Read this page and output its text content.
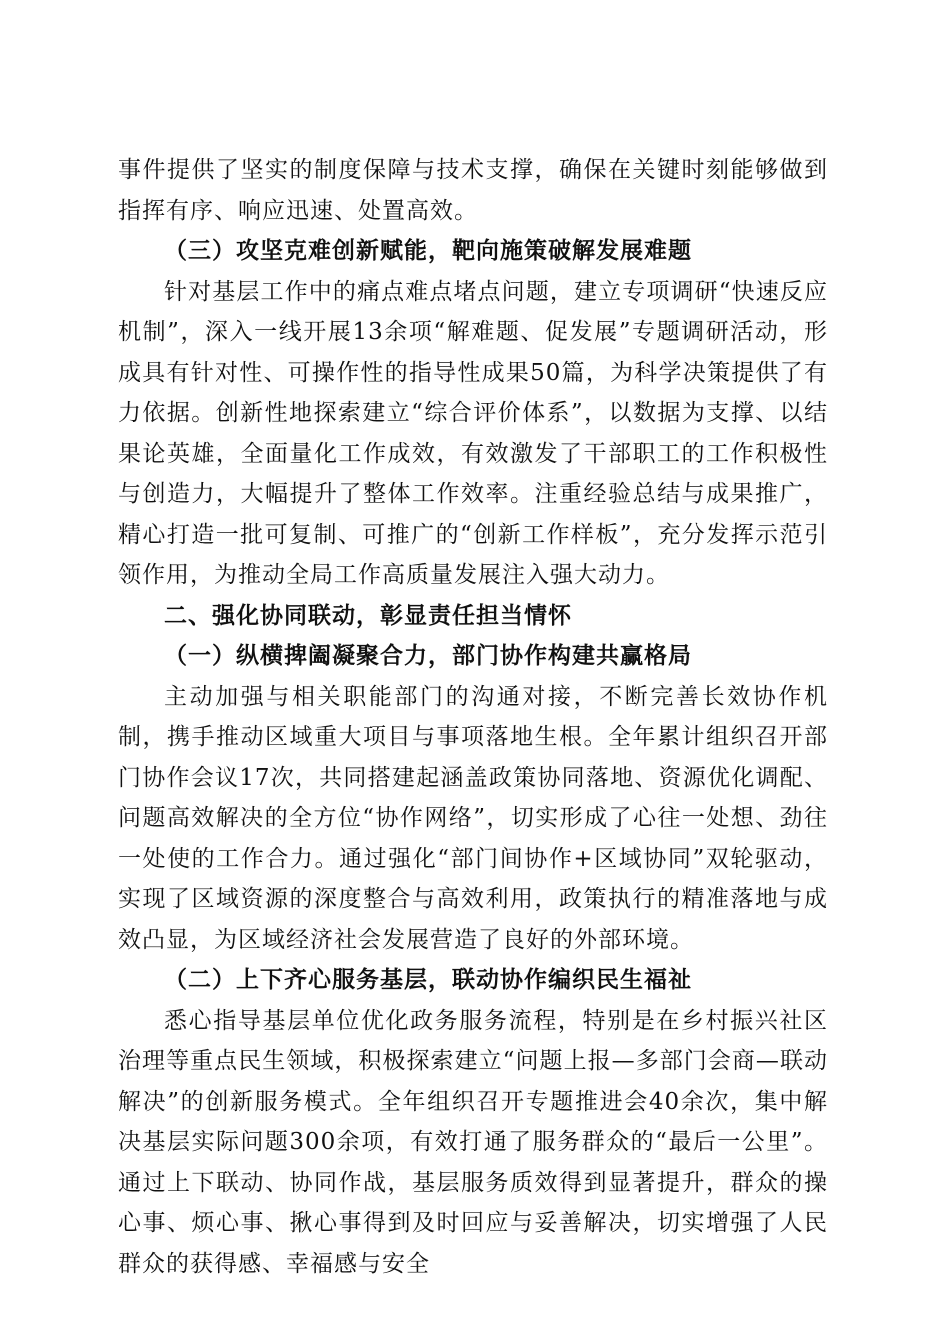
事件提供了坚实的制度保障与技术支撑，确保在关键时刻能够做到指挥有序、响应迅速、处置高效。

（三）攻坚克难创新赋能，靶向施策破解发展难题

针对基层工作中的痛点难点堵点问题，建立专项调研“快速反应机制”，深入一线开展13余项“解难题、促发展”专题调研活动，形成具有针对性、可操作性的指导性成果50篇，为科学决策提供了有力依据。创新性地探索建立“综合评价体系”，以数据为支撑、以结果论英雄，全面量化工作成效，有效激发了干部职工的工作积极性与创造力，大幅提升了整体工作效率。注重经验总结与成果推广，精心打造一批可复制、可推广的“创新工作样板”，充分发挥示范引领作用，为推动全局工作高质量发展注入强大动力。

二、强化协同联动，彰显责任担当情怀

（一）纵横捭阖凝聚合力，部门协作构建共赢格局

主动加强与相关职能部门的沟通对接，不断完善长效协作机制，携手推动区域重大项目与事项落地生根。全年累计组织召开部门协作会议17次，共同搭建起涵盖政策协同落地、资源优化调配、问题高效解决的全方位“协作网络”，切实形成了心往一处想、劲往一处使的工作合力。通过强化“部门间协作+区域协同”双轮驱动，实现了区域资源的深度整合与高效利用，政策执行的精准落地与成效凸显，为区域经济社会发展营造了良好的外部环境。

（二）上下齐心服务基层，联动协作编织民生福祉

悉心指导基层单位优化政务服务流程，特别是在乡村振兴社区治理等重点民生领域，积极探索建立“问题上报—多部门会商—联动解决”的创新服务模式。全年组织召开专题推进会40余次，集中解决基层实际问题300余项，有效打通了服务群众的“最后一公里”。通过上下联动、协同作战，基层服务质效得到显著提升，群众的操心事、烦心事、揪心事得到及时回应与妥善解决，切实增强了人民群众的获得感、幸福感与安全
